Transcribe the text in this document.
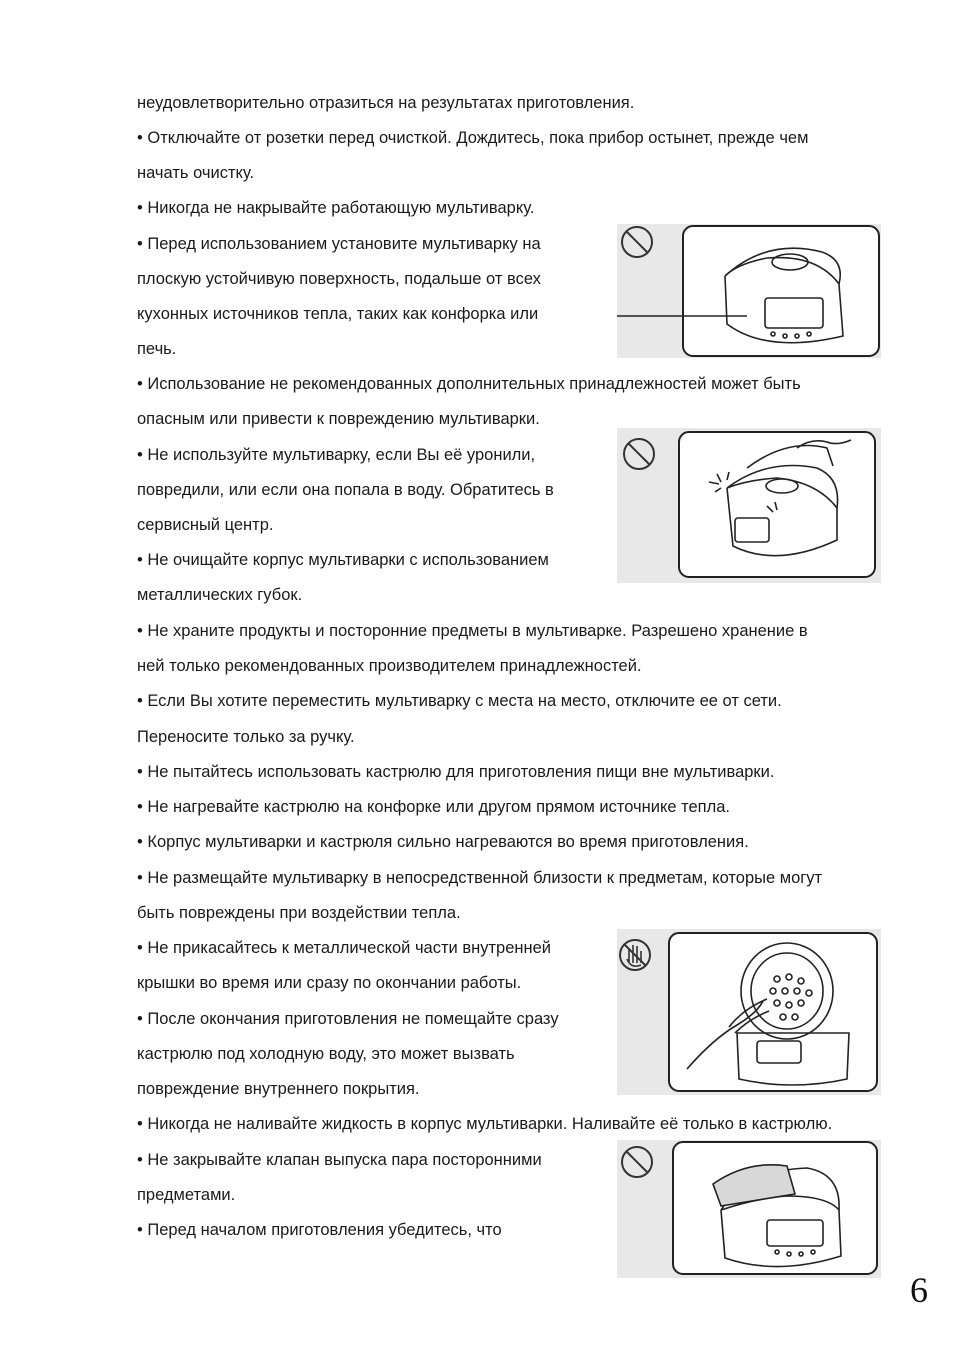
неудовлетворительно отразиться на результатах приготовления.

• Отключайте от розетки перед очисткой. Дождитесь, пока прибор остынет, прежде чем

начать очистку.

• Никогда не накрывайте работающую мультиварку.

• Перед использованием установите мультиварку на

плоскую устойчивую поверхность, подальше от всех

кухонных источников тепла, таких как конфорка или

печь.

• Использование не рекомендованных дополнительных принадлежностей может быть

опасным или привести к повреждению мультиварки.

• Не используйте мультиварку, если Вы её уронили,

повредили, или если она попала в воду. Обратитесь в

сервисный центр.

• Не очищайте корпус мультиварки с использованием

металлических губок.

• Не храните продукты и посторонние предметы в мультиварке. Разрешено хранение в

ней только рекомендованных производителем принадлежностей.

• Если Вы хотите переместить мультиварку с места на место, отключите ее от сети.

Переносите только за ручку.

• Не пытайтесь использовать кастрюлю для приготовления пищи вне мультиварки.

• Не нагревайте кастрюлю на конфорке или другом прямом источнике тепла.

• Корпус мультиварки и кастрюля сильно нагреваются во время приготовления.

• Не размещайте мультиварку в непосредственной близости к предметам, которые могут

быть повреждены при воздействии тепла.

• Не прикасайтесь к металлической части внутренней

крышки во время или сразу по окончании работы.

• После окончания приготовления не помещайте сразу

кастрюлю под холодную воду, это может вызвать

повреждение внутреннего покрытия.

• Никогда не наливайте жидкость в корпус мультиварки. Наливайте её только в кастрюлю.

• Не закрывайте клапан выпуска пара посторонними

предметами.

• Перед началом приготовления убедитесь, что

6
